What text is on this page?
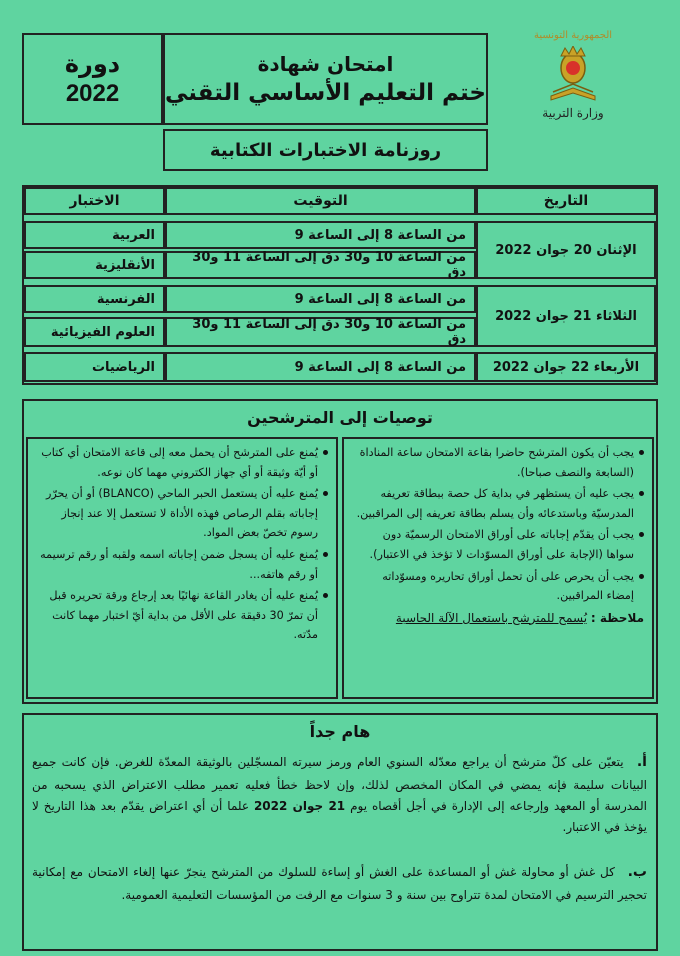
الجمهورية التونسية
وزارة التربية
امتحان شهادة
ختم التعليم الأساسي التقني
دورة
2022
روزنامة الاختبارات الكتابية
التاريخ
التوقيت
الاختبار
الإثنان 20 جوان 2022
من الساعة 8 إلى الساعة 9
العربية
من الساعة 10 و30 دق إلى الساعة 11 و30 دق
الأنقليزية
الثلاثاء 21 جوان 2022
من الساعة 8 إلى الساعة 9
الفرنسية
من الساعة 10 و30 دق إلى الساعة 11 و30 دق
العلوم الفيزيائية
الأربعاء 22 جوان 2022
من الساعة 8 إلى الساعة 9
الرياضيات
توصيات إلى المترشحين
يجب أن يكون المترشح حاضرا بقاعة الامتحان ساعة المناداة (السابعة والنصف صباحا).
يجب عليه أن يستظهر في بداية كل حصة ببطاقة تعريفه المدرسيّة وباستدعائه وأن يسلم بطاقة تعريفه إلى المراقبين.
يجب أن يقدّم إجاباته على أوراق الامتحان الرسميّة دون سواها (الإجابة على أوراق المسوّدات لا تؤخذ في الاعتبار).
يجب أن يحرص على أن تحمل أوراق تحاريره ومسوّداته إمضاء المراقبين.
ملاحظة : يُسمح للمترشح باستعمال الآلة الحاسبة
يُمنع على المترشح أن يحمل معه إلى قاعة الامتحان أي كتاب أو أيّة وثيقة أو أي جهاز الكتروني مهما كان نوعه.
يُمنع عليه أن يستعمل الحبر الماحي (BLANCO) أو أن يحرّر إجاباته بقلم الرصاص فهذه الأداة لا تستعمل إلا عند إنجاز رسوم تخصّ بعض المواد.
يُمنع عليه أن يسجل ضمن إجاباته اسمه ولقبه أو رقم ترسيمه أو رقم هاتفه...
يُمنع عليه أن يغادر القاعة نهائيًا بعد إرجاع ورقة تحريره قبل أن تمرّ 30 دقيقة على الأقل من بداية أيّ اختبار مهما كانت مدّته.
هام جداً
أ. يتعيّن على كلّ مترشح أن يراجع معدّله السنوي العام ورمز سيرته المسجّلين بالوثيقة المعدّة للغرض. فإن كانت جميع البيانات سليمة فإنه يمضي في المكان المخصص لذلك، وإن لاحظ خطأ فعليه تعمير مطلب الاعتراض الذي يسحبه من المدرسة أو المعهد وإرجاعه إلى الإدارة في أجل أقصاه يوم 21 جوان 2022 علما أن أي اعتراض يقدّم بعد هذا التاريخ لا يؤخذ في الاعتبار.
ب. كل غش أو محاولة غش أو المساعدة على الغش أو إساءة للسلوك من المترشح ينجرّ عنها إلغاء الامتحان مع إمكانية تحجير الترسيم في الامتحان لمدة تتراوح بين سنة و 3 سنوات مع الرفت من المؤسسات التعليمية العمومية.
